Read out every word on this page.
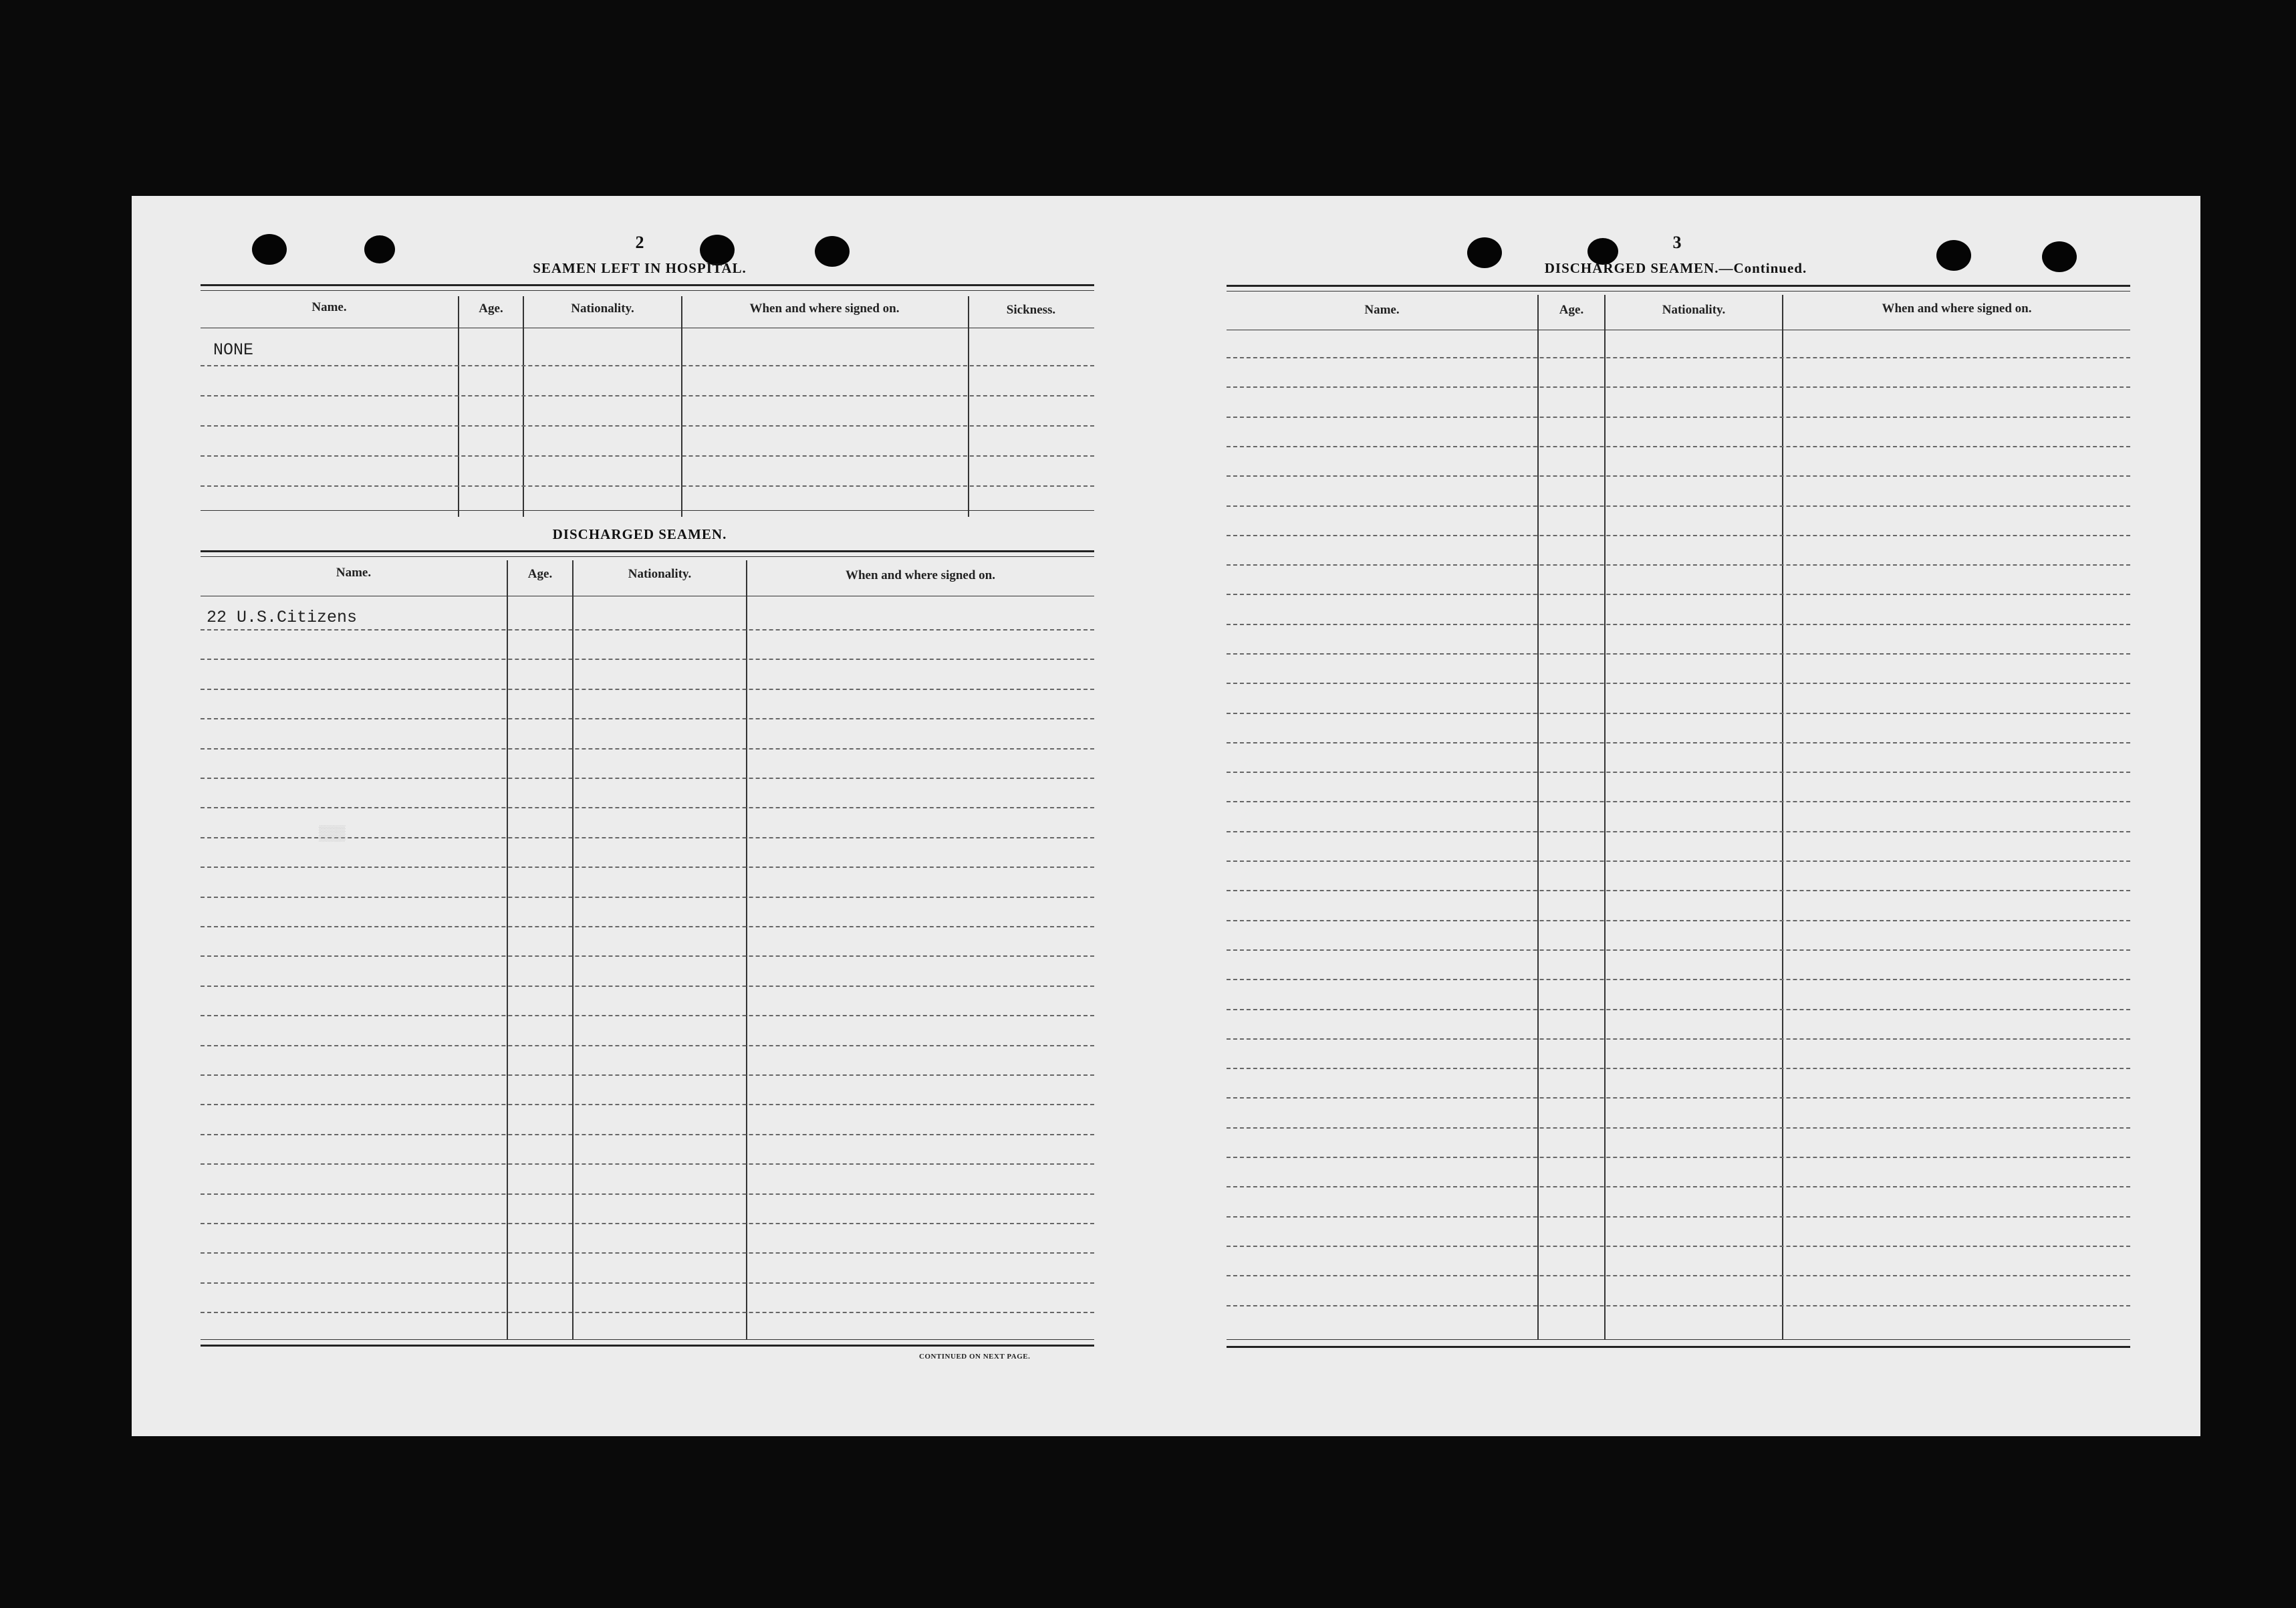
2
SEAMEN LEFT IN HOSPITAL.
Name.	Age.	Nationality.	When and where signed on.	Sickness.
NONE
DISCHARGED SEAMEN.
Name.	Age.	Nationality.	When and where signed on.
22 U.S.Citizens
CONTINUED ON NEXT PAGE.
3
DISCHARGED SEAMEN.—Continued.
Name.	Age.	Nationality.	When and where signed on.
▒▒▒
